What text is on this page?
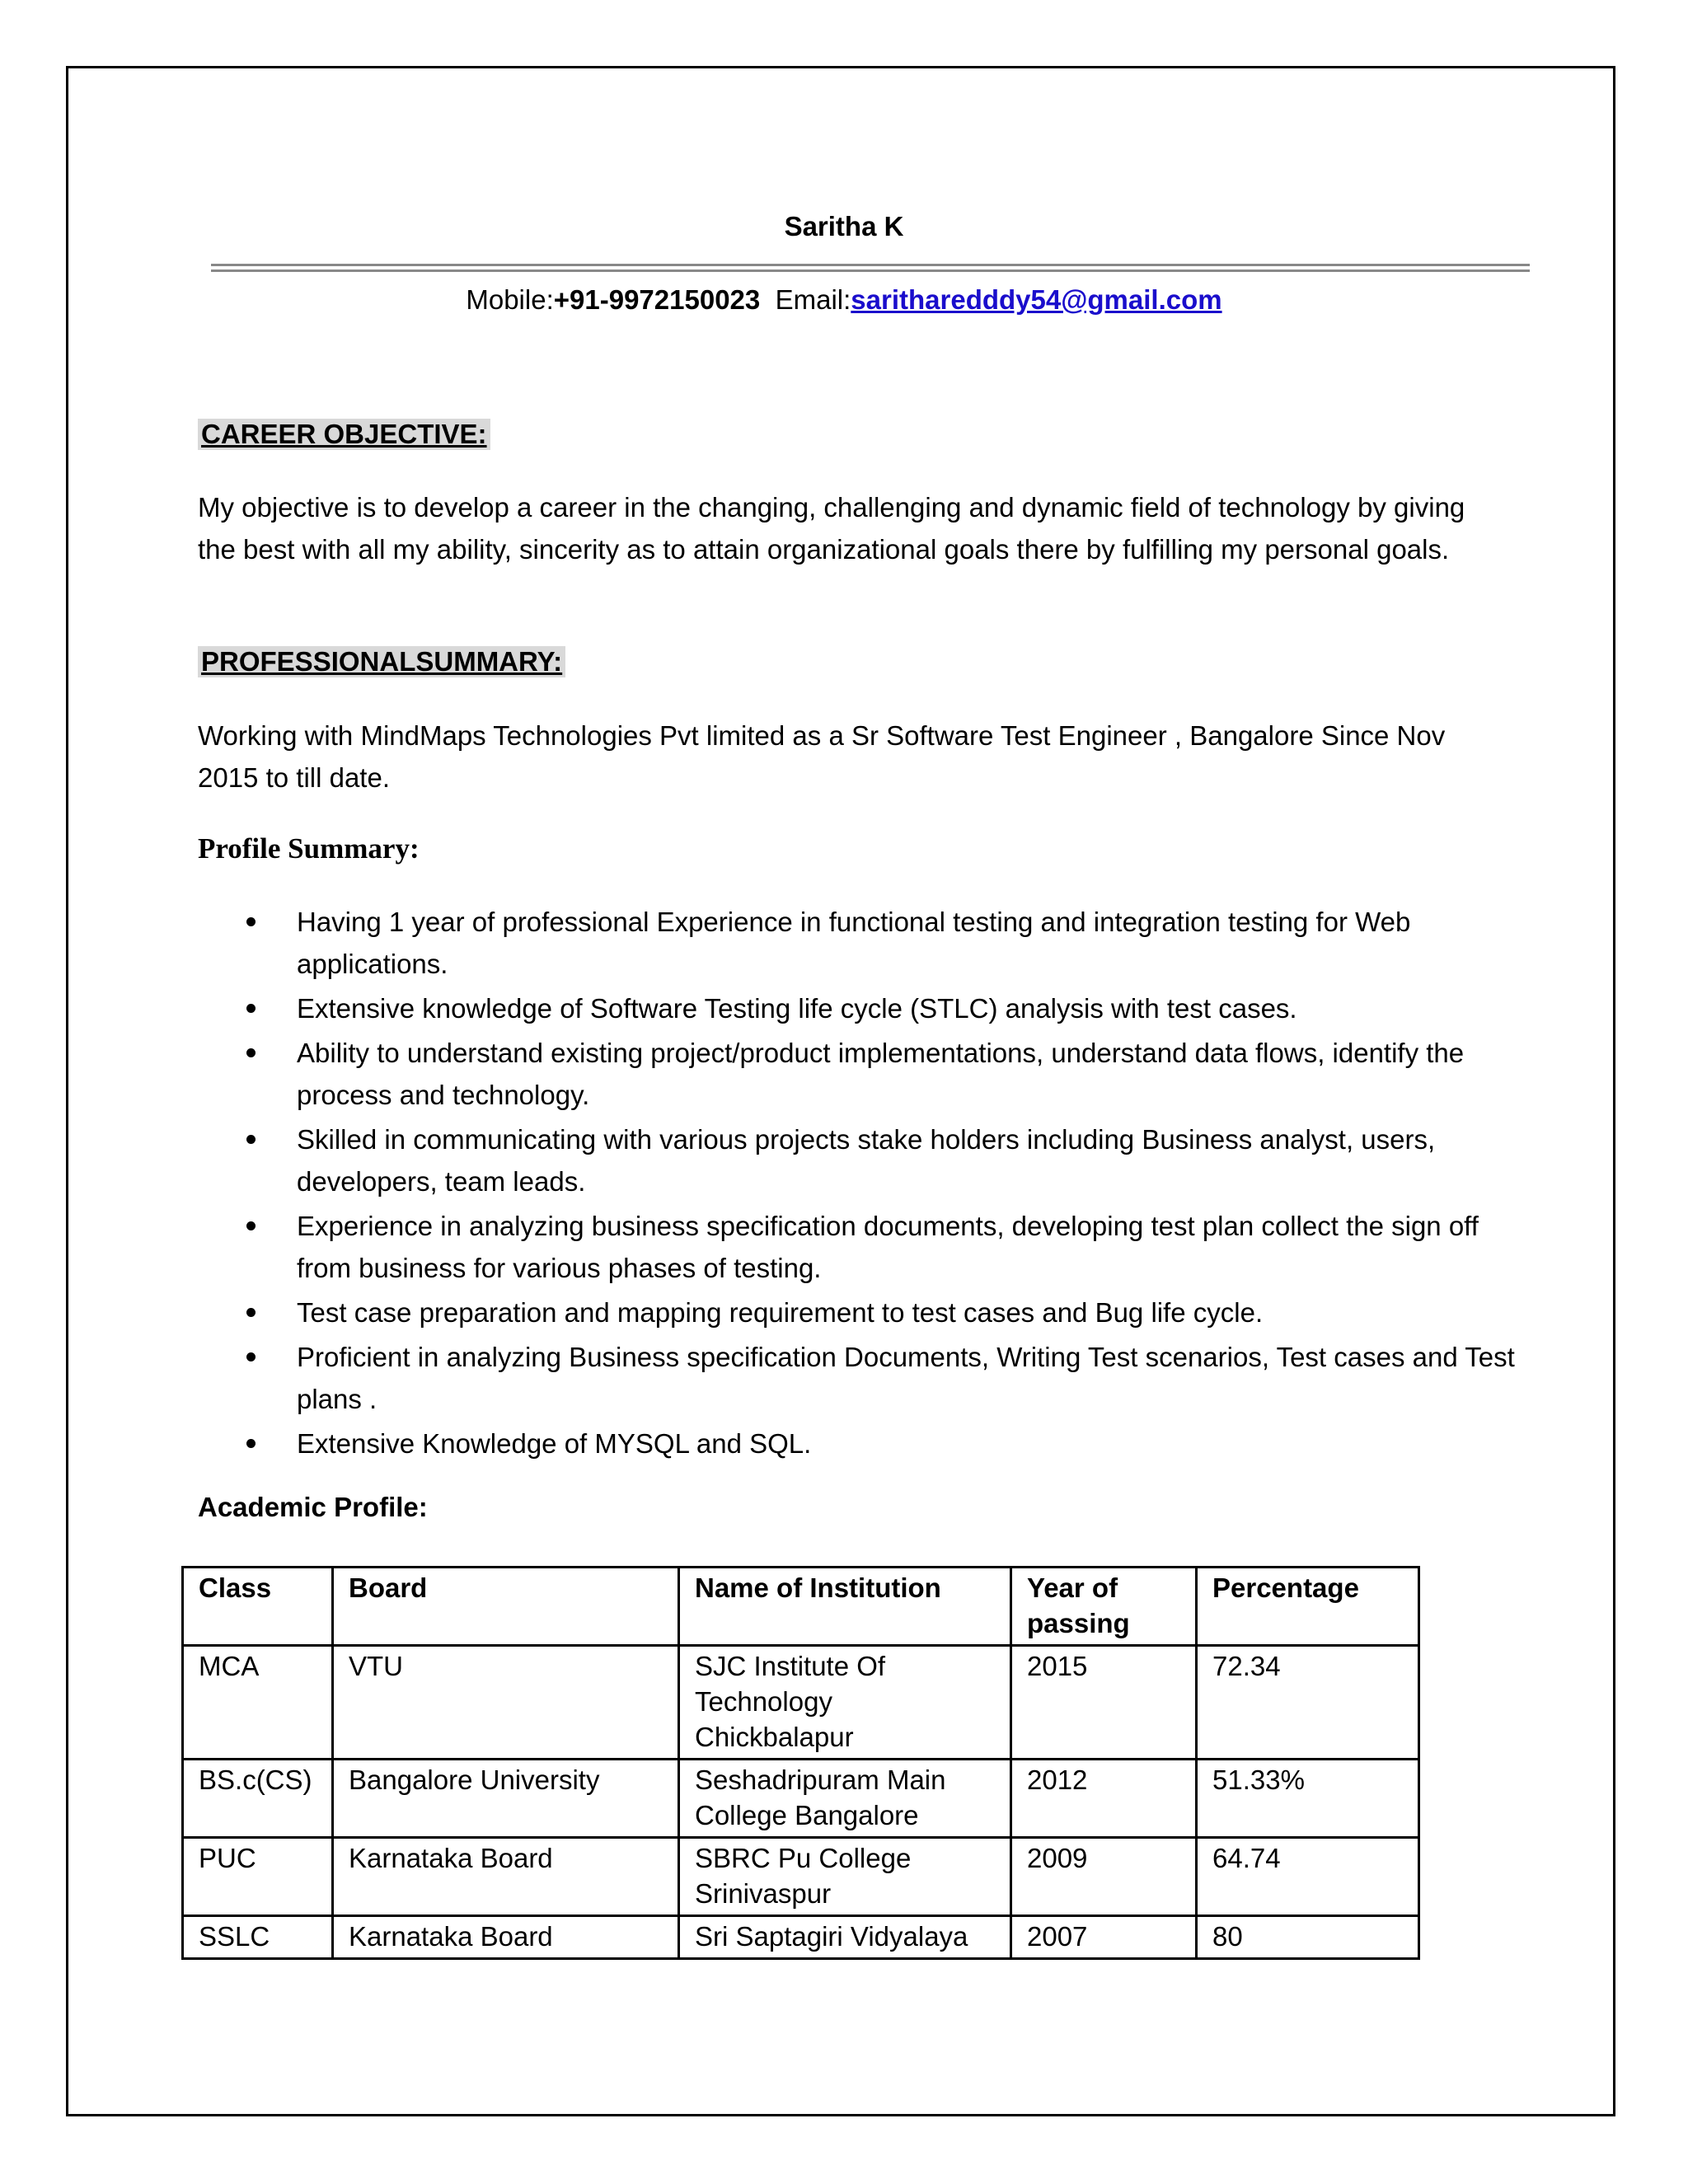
Saritha K
Mobile:+91-9972150023 Email:saritharedddy54@gmail.com
CAREER OBJECTIVE:

My objective is to develop a career in the changing, challenging and dynamic field of technology by giving the best with all my ability, sincerity as to attain organizational goals there by fulfilling my personal goals.

PROFESSIONALSUMMARY:

Working with MindMaps Technologies Pvt limited as a Sr Software Test Engineer , Bangalore Since Nov 2015 to till date.

Profile Summary:
Having 1 year of professional Experience in functional testing and integration testing for Web applications.
Extensive knowledge of Software Testing life cycle (STLC) analysis with test cases.
Ability to understand existing project/product implementations, understand data flows, identify the process and technology.
Skilled in communicating with various projects stake holders including Business analyst, users, developers, team leads.
Experience in analyzing business specification documents, developing test plan collect the sign off from business for various phases of testing.
Test case preparation and mapping requirement to test cases and Bug life cycle.
Proficient in analyzing Business specification Documents, Writing Test scenarios, Test cases and Test plans .
Extensive Knowledge of MYSQL and SQL.
Academic Profile:
Class	Board	Name of Institution	Year of passing	Percentage
MCA	VTU	SJC Institute Of Technology Chickbalapur	2015	72.34
BS.c(CS)	Bangalore University	Seshadripuram Main College Bangalore	2012	51.33%
PUC	Karnataka Board	SBRC Pu College Srinivaspur	2009	64.74
SSLC	Karnataka Board	Sri Saptagiri Vidyalaya	2007	80
